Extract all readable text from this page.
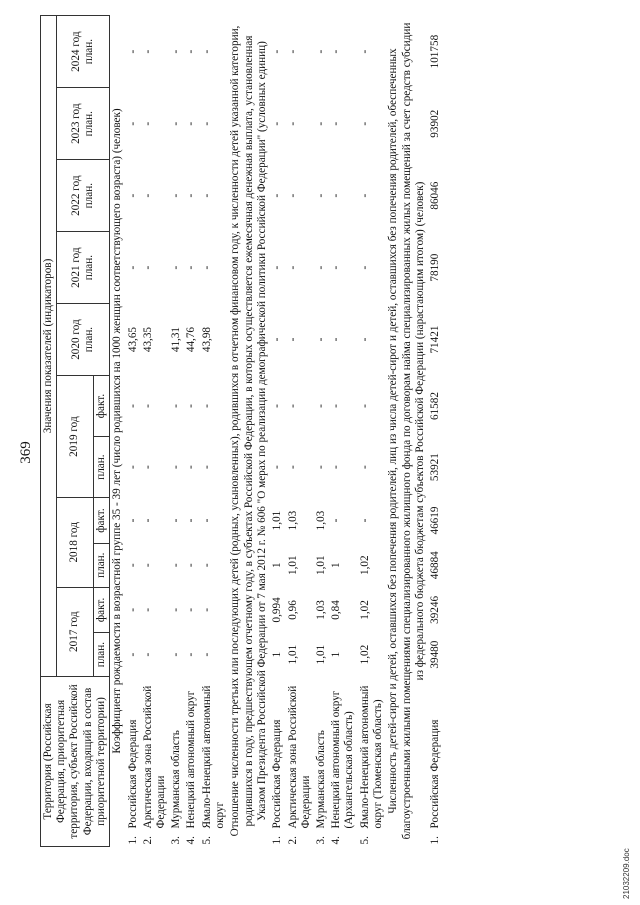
369
Территория (Российская Федерация, приоритетная территория, субъект Российской Федерации, входящий в состав приоритетной территории)	Значения показателей (индикаторов)										
	2017 год		2018 год		2019 год		2020 год план.	2021 год план.	2022 год план.	2023 год план.	2024 год план.
	план.	факт.	план.	факт.	план.	факт.					
Коэффициент рождаемости в возрастной группе 35 - 39 лет (число родившихся на 1000 женщин соответствующего возраста) (человек)											

1.
Российская Федерация	-	-	-	-	-	-	43,65	-	-	-	-

2.
Арктическая зона Российской Федерации	-	-	-	-	-	-	43,35	-	-	-	-

3.
Мурманская область	-	-	-	-	-	-	41,31	-	-	-	-

4.
Ненецкий автономный округ	-	-	-	-	-	-	44,76	-	-	-	-

5.
Ямало-Ненецкий автономный округ	-	-	-	-	-	-	43,98	-	-	-	-
Отношение численности третьих или последующих детей (родных, усыновленных), родившихся в отчетном финансовом году, к численности детей указанной категории, родившихся в году, предшествующем отчетному году, в субъектах Российской Федерации, в которых осуществляется ежемесячная денежная выплата, установленная Указом Президента Российской Федерации от 7 мая 2012 г. № 606 "О мерах по реализации демографической политики Российской Федерации" (условных единиц)											

1.
Российская Федерация	1	0,994	1	1,01	-	-	-	-	-	-	-

2.
Арктическая зона Российской Федерации	1,01	0,96	1,01	1,03	-	-	-	-	-	-	-

3.
Мурманская область	1,01	1,03	1,01	1,03	-	-	-	-	-	-	-

4.
Ненецкий автономный округ (Архангельская область)	1	0,84	1	-	-	-	-	-	-	-	-

5.
Ямало-Ненецкий автономный округ (Тюменская область)	1,02	1,02	1,02	-	-	-	-	-	-	-	-
Численность детей-сирот и детей, оставшихся без попечения родителей, лиц из числа детей-сирот и детей, оставшихся без попечения родителей, обеспеченных благоустроенными жилыми помещениями специализированного жилищного фонда по договорам найма специализированных жилых помещений за счет средств субсидии из федерального бюджета бюджетам субъектов Российской Федерации (нарастающим итогом) (человек)											

1.
Российская Федерация	39480	39246	46884	46619	53921	61582	71421	78190	86046	93902	101758
21032209.doc
